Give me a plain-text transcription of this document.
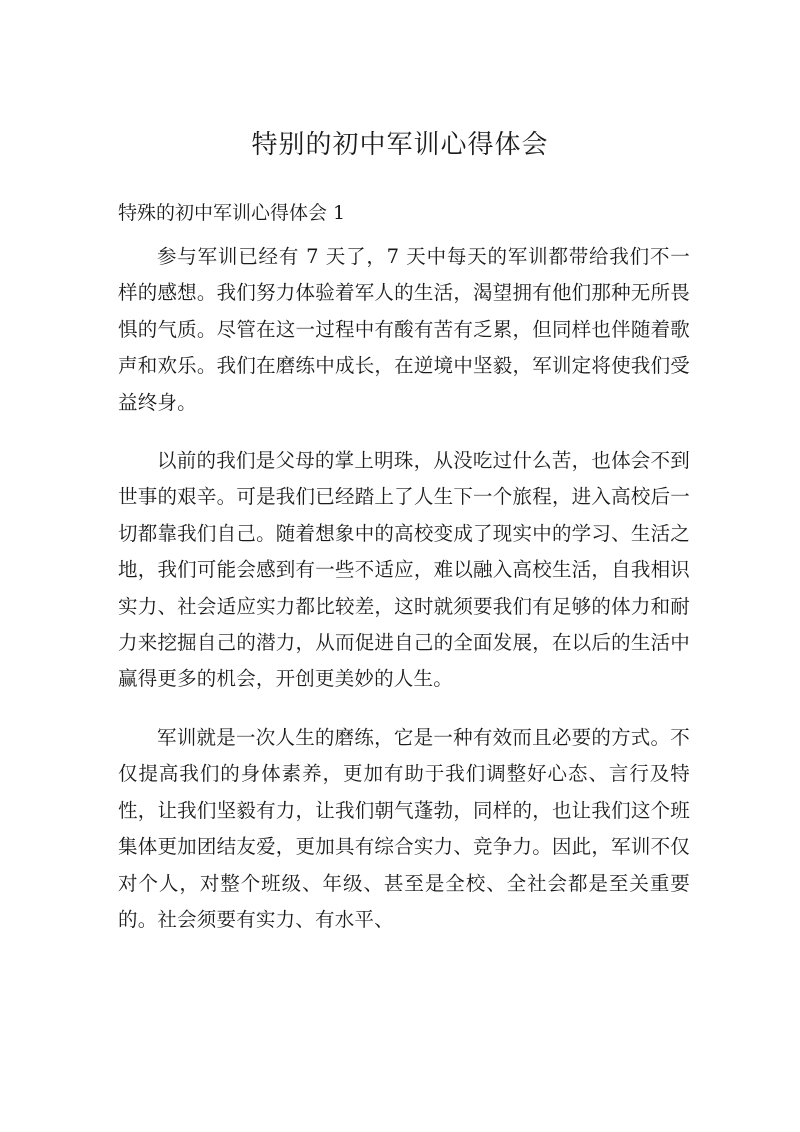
特别的初中军训心得体会

特殊的初中军训心得体会 1

参与军训已经有 7 天了，7 天中每天的军训都带给我们不一样的感想。我们努力体验着军人的生活，渴望拥有他们那种无所畏惧的气质。尽管在这一过程中有酸有苦有乏累，但同样也伴随着歌声和欢乐。我们在磨练中成长，在逆境中坚毅，军训定将使我们受益终身。

以前的我们是父母的掌上明珠，从没吃过什么苦，也体会不到世事的艰辛。可是我们已经踏上了人生下一个旅程，进入高校后一切都靠我们自己。随着想象中的高校变成了现实中的学习、生活之地，我们可能会感到有一些不适应，难以融入高校生活，自我相识实力、社会适应实力都比较差，这时就须要我们有足够的体力和耐力来挖掘自己的潜力，从而促进自己的全面发展，在以后的生活中赢得更多的机会，开创更美妙的人生。

军训就是一次人生的磨练，它是一种有效而且必要的方式。不仅提高我们的身体素养，更加有助于我们调整好心态、言行及特性，让我们坚毅有力，让我们朝气蓬勃，同样的，也让我们这个班集体更加团结友爱，更加具有综合实力、竞争力。因此，军训不仅对个人，对整个班级、年级、甚至是全校、全社会都是至关重要的。社会须要有实力、有水平、
